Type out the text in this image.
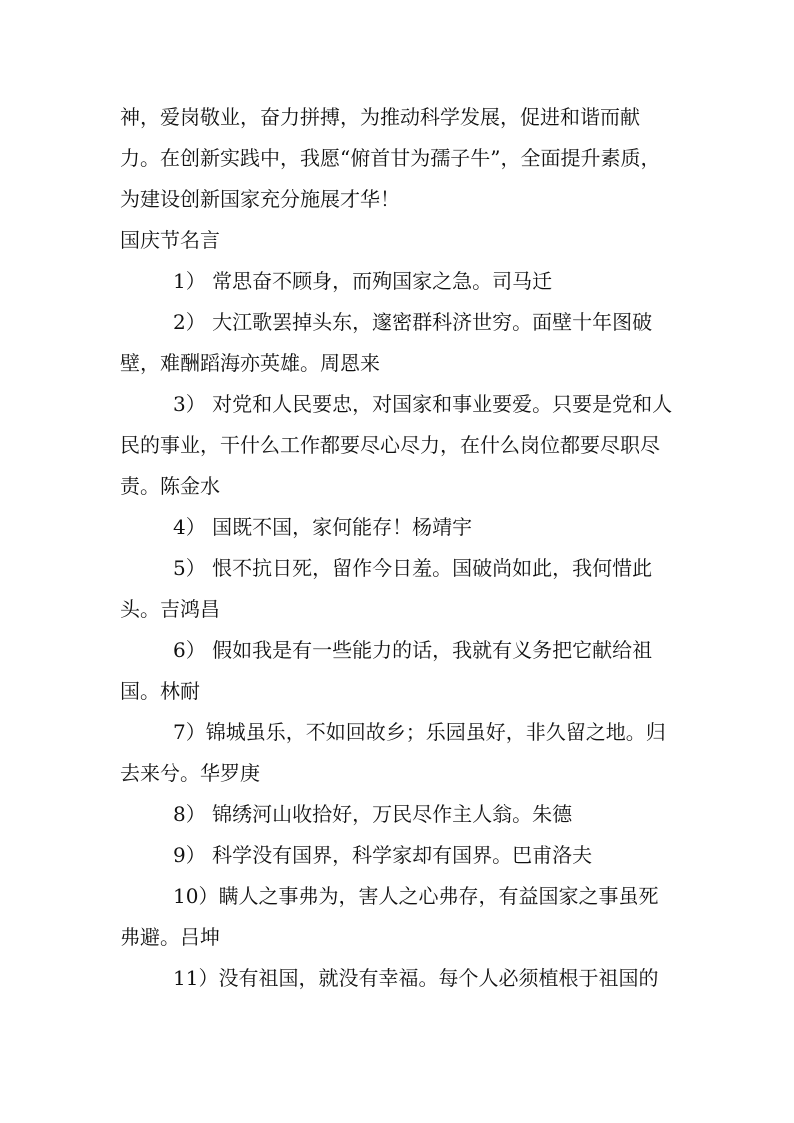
神，爱岗敬业，奋力拼搏，为推动科学发展，促进和谐而献力。在创新实践中，我愿“俯首甘为孺子牛”，全面提升素质，为建设创新国家充分施展才华！

国庆节名言

1） 常思奋不顾身，而殉国家之急。司马迁

2） 大江歌罢掉头东，邃密群科济世穷。面壁十年图破壁，难酬蹈海亦英雄。周恩来

3） 对党和人民要忠，对国家和事业要爱。只要是党和人民的事业，干什么工作都要尽心尽力，在什么岗位都要尽职尽责。陈金水

4） 国既不国，家何能存！杨靖宇

5） 恨不抗日死，留作今日羞。国破尚如此，我何惜此头。吉鸿昌

6） 假如我是有一些能力的话，我就有义务把它献给祖国。林耐

7）锦城虽乐，不如回故乡；乐园虽好，非久留之地。归去来兮。华罗庚

8） 锦绣河山收拾好，万民尽作主人翁。朱德

9） 科学没有国界，科学家却有国界。巴甫洛夫

10）瞒人之事弗为，害人之心弗存，有益国家之事虽死弗避。吕坤

11）没有祖国，就没有幸福。每个人必须植根于祖国的
